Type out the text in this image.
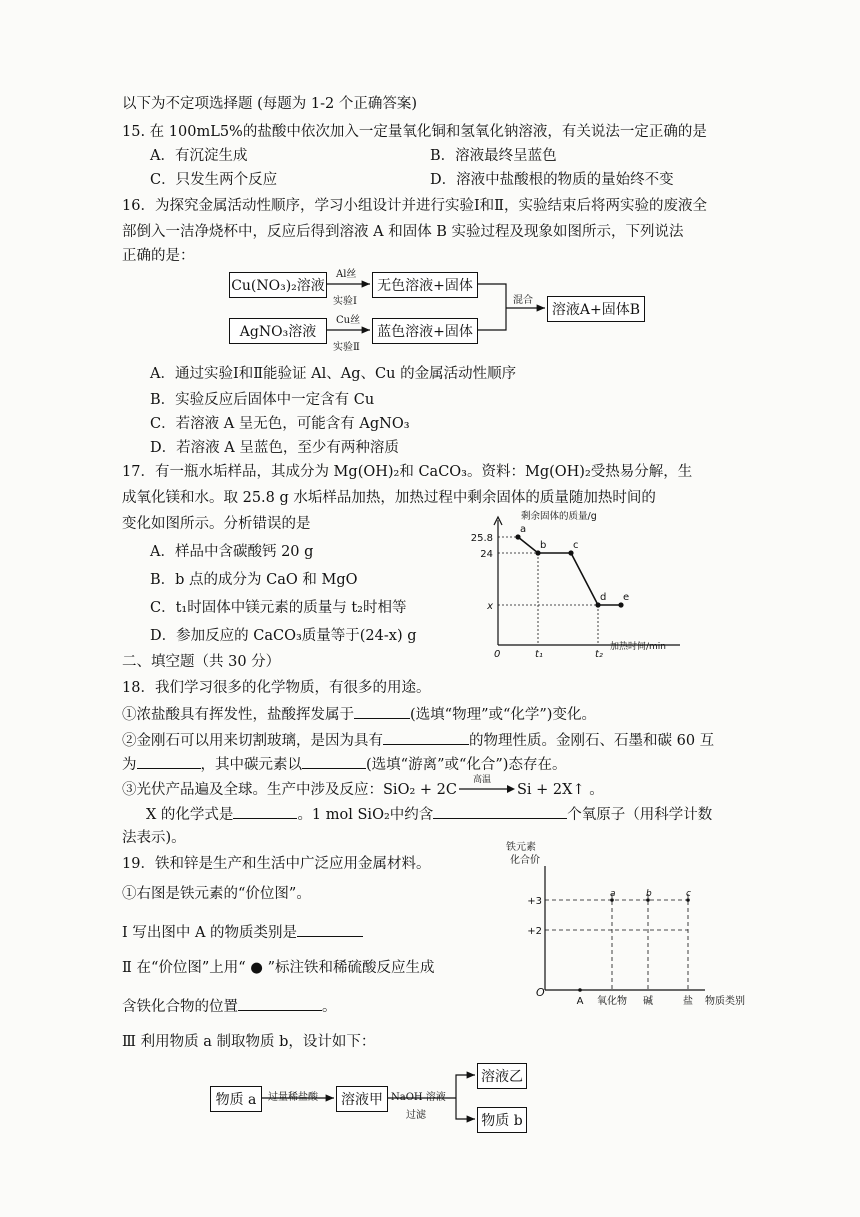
以下为不定项选择题 (每题为 1-2 个正确答案)
15. 在 100mL5%的盐酸中依次加入一定量氧化铜和氢氧化钠溶液，有关说法一定正确的是
A．有沉淀生成	B．溶液最终呈蓝色
C．只发生两个反应	D．溶液中盐酸根的物质的量始终不变
16．为探究金属活动性顺序，学习小组设计并进行实验Ⅰ和Ⅱ，实验结束后将两实验的废液全
部倒入一洁净烧杯中，反应后得到溶液 A 和固体 B 实验过程及现象如图所示，下列说法
正确的是：
Cu(NO₃)₂溶液
Al丝
实验Ⅰ
无色溶液+固体
AgNO₃溶液
Cu丝
实验Ⅱ
蓝色溶液+固体
混合
溶液A+固体B
A．通过实验Ⅰ和Ⅱ能验证 Al、Ag、Cu 的金属活动性顺序
B．实验反应后固体中一定含有 Cu
C．若溶液 A 呈无色，可能含有 AgNO₃
D．若溶液 A 呈蓝色，至少有两种溶质
17．有一瓶水垢样品，其成分为 Mg(OH)₂和 CaCO₃。资料：Mg(OH)₂受热易分解，生
成氧化镁和水。取 25.8 g 水垢样品加热，加热过程中剩余固体的质量随加热时间的
变化如图所示。分析错误的是
A．样品中含碳酸钙 20 g
B．b 点的成分为 CaO 和 MgO
C．t₁时固体中镁元素的质量与 t₂时相等
D．参加反应的 CaCO₃质量等于(24-x) g
剩余固体的质量/g
加热时间/min
25.8
24
x
0	t₁	t₂
a
b	c
d e
二、填空题（共 30 分）
18．我们学习很多的化学物质，有很多的用途。
①浓盐酸具有挥发性，盐酸挥发属于	(选填“物理”或“化学”)变化。
②金刚石可以用来切割玻璃，是因为具有	的物理性质。金刚石、石墨和碳 60 互
为	，其中碳元素以	(选填“游离”或“化合”)态存在。
③光伏产品遍及全球。生产中涉及反应：SiO₂ + 2C
高温
Si + 2X↑ 。
X 的化学式是	。1 mol SiO₂中约含	个氧原子（用科学计数
法表示)。
19．铁和锌是生产和生活中广泛应用金属材料。
①右图是铁元素的“价位图”。
Ⅰ 写出图中 A 的物质类别是
Ⅱ 在“价位图”上用“ ● ”标注铁和稀硫酸反应生成
含铁化合物的位置	。
Ⅲ 利用物质 a 制取物质 b，设计如下：
铁元素
化合价
O
物质类别
+3
+2
A 氧化物 碱	盐
a	b	c
物质 a	过量稀盐酸	溶液甲 NaOH 溶液
过滤
溶液乙
物质 b
